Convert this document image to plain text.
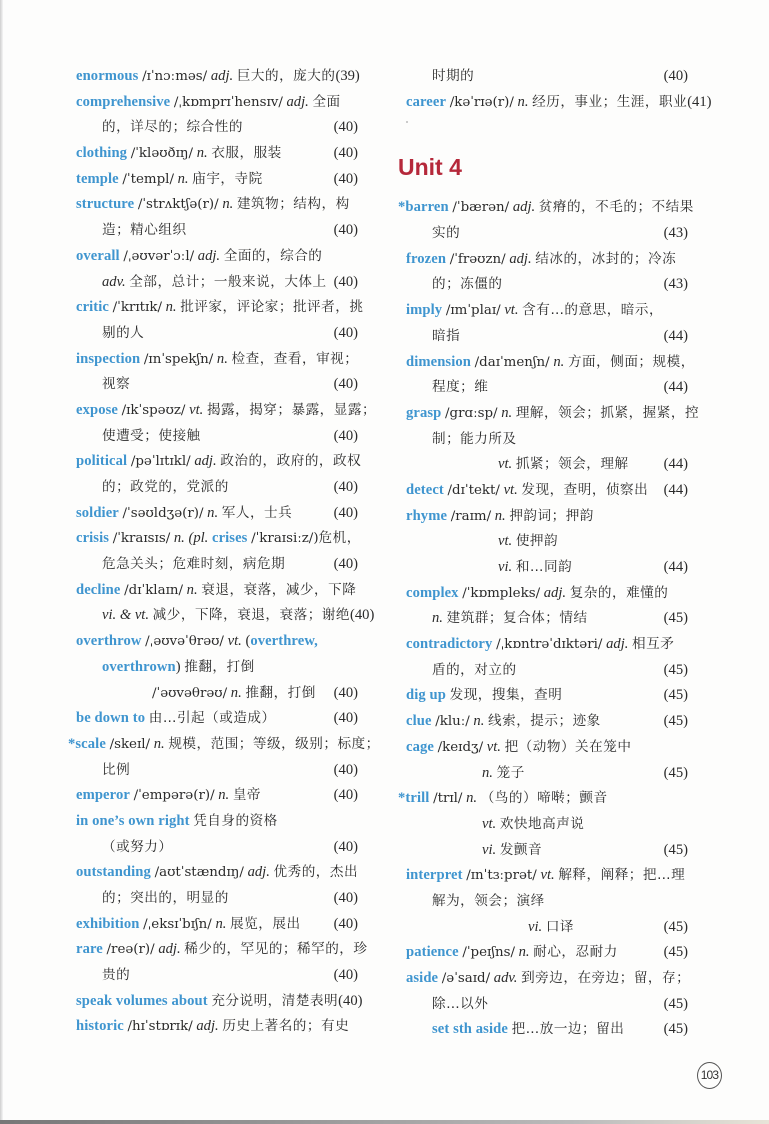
enormous /ɪˈnɔːməs/ adj. 巨大的，庞大的(39)
comprehensive /ˌkɒmprɪˈhensɪv/ adj. 全面
的，详尽的；综合性的	(40)
clothing /ˈkləʊðɪŋ/ n. 衣服，服装	(40)
temple /ˈtempl/ n. 庙宇，寺院	(40)
structure /ˈstrʌktʃə(r)/ n. 建筑物；结构，构
造；精心组织	(40)
overall /ˌəʊvərˈɔːl/ adj. 全面的，综合的
adv. 全部，总计；一般来说，大体上 (40)
critic /ˈkrɪtɪk/ n. 批评家，评论家；批评者，挑
剔的人	(40)
inspection /ɪnˈspekʃn/ n. 检查，查看，审视；
视察	(40)
expose /ɪkˈspəʊz/ vt. 揭露，揭穿；暴露，显露；
使遭受；使接触	(40)
political /pəˈlɪtɪkl/ adj. 政治的，政府的，政权
的；政党的，党派的	(40)
soldier /ˈsəʊldʒə(r)/ n. 军人，士兵	(40)
crisis /ˈkraɪsɪs/ n. (pl. crises /ˈkraɪsiːz/)危机，
危急关头；危难时刻，病危期	(40)
decline /dɪˈklaɪn/ n. 衰退，衰落，减少，下降
vi. & vt. 减少，下降，衰退，衰落；谢绝(40)
overthrow /ˌəʊvəˈθrəʊ/ vt. (overthrew,
overthrown) 推翻，打倒
/ˈəʊvəθrəʊ/ n. 推翻，打倒 (40)
be down to 由…引起（或造成）	(40)
*scale /skeɪl/ n. 规模，范围；等级，级别；标度；
比例	(40)
emperor /ˈempərə(r)/ n. 皇帝	(40)
in one’s own right 凭自身的资格
（或努力）	(40)
outstanding /aʊtˈstændɪŋ/ adj. 优秀的，杰出
的；突出的，明显的	(40)
exhibition /ˌeksɪˈbɪʃn/ n. 展览，展出 (40)
rare /reə(r)/ adj. 稀少的，罕见的；稀罕的，珍
贵的	(40)
speak volumes about 充分说明，清楚表明(40)
historic /hɪˈstɒrɪk/ adj. 历史上著名的；有史
时期的	(40)
career /kəˈrɪə(r)/ n. 经历，事业；生涯，职业(41)
Unit 4
*barren /ˈbærən/ adj. 贫瘠的，不毛的；不结果
实的	(43)
frozen /ˈfrəʊzn/ adj. 结冰的，冰封的；冷冻
的；冻僵的	(43)
imply /ɪmˈplaɪ/ vt. 含有…的意思，暗示，
暗指	(44)
dimension /daɪˈmenʃn/ n. 方面，侧面；规模，
程度；维	(44)
grasp /grɑːsp/ n. 理解，领会；抓紧，握紧，控
制；能力所及
vt. 抓紧；领会，理解 (44)
detect /dɪˈtekt/ vt. 发现，查明，侦察出 (44)
rhyme /raɪm/ n. 押韵词；押韵
vt. 使押韵
vi. 和…同韵	(44)
complex /ˈkɒmpleks/ adj. 复杂的，难懂的
n. 建筑群；复合体；情结	(45)
contradictory /ˌkɒntrəˈdɪktəri/ adj. 相互矛
盾的，对立的	(45)
dig up 发现，搜集，查明	(45)
clue /kluː/ n. 线索，提示；迹象	(45)
cage /keɪdʒ/ vt. 把（动物）关在笼中
n. 笼子	(45)
*trill /trɪl/ n. （鸟的）啼啭；颤音
vt. 欢快地高声说
vi. 发颤音	(45)
interpret /ɪnˈtɜːprət/ vt. 解释，阐释；把…理
解为，领会；演绎
vi. 口译	(45)
patience /ˈpeɪʃns/ n. 耐心，忍耐力	(45)
aside /əˈsaɪd/ adv. 到旁边，在旁边；留，存；
除…以外	(45)
set sth aside 把…放一边；留出	(45)
103
